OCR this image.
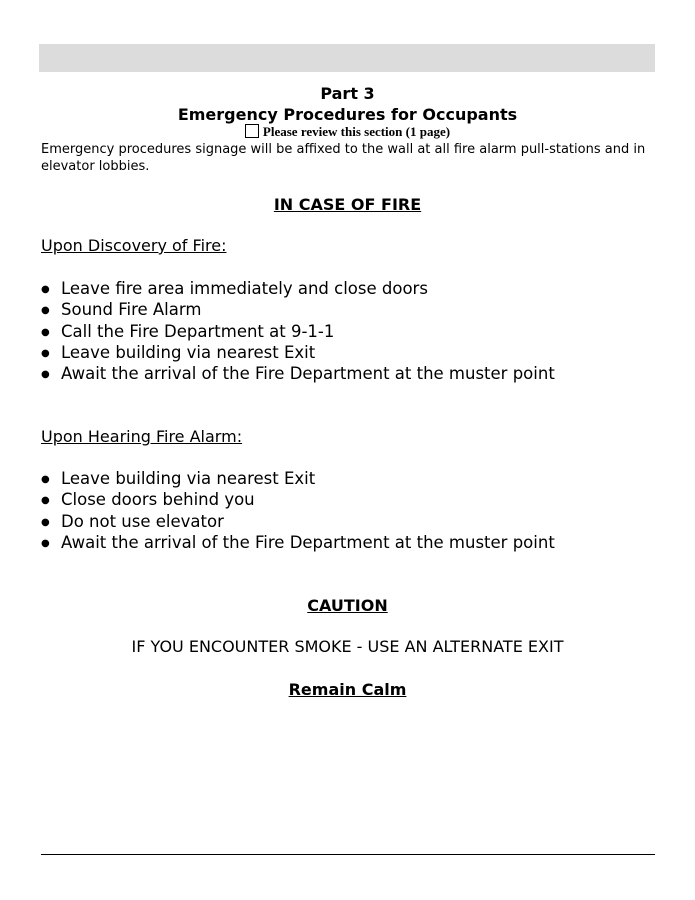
Part 3
Emergency Procedures for Occupants
Please review this section (1 page)
Emergency procedures signage will be affixed to the wall at all fire alarm pull-stations and in elevator lobbies.
IN CASE OF FIRE
Upon Discovery of Fire:
● Leave fire area immediately and close doors
● Sound Fire Alarm
● Call the Fire Department at 9-1-1
● Leave building via nearest Exit
● Await the arrival of the Fire Department at the muster point
Upon Hearing Fire Alarm:
● Leave building via nearest Exit
● Close doors behind you
● Do not use elevator
● Await the arrival of the Fire Department at the muster point
CAUTION
IF YOU ENCOUNTER SMOKE - USE AN ALTERNATE EXIT
Remain Calm
